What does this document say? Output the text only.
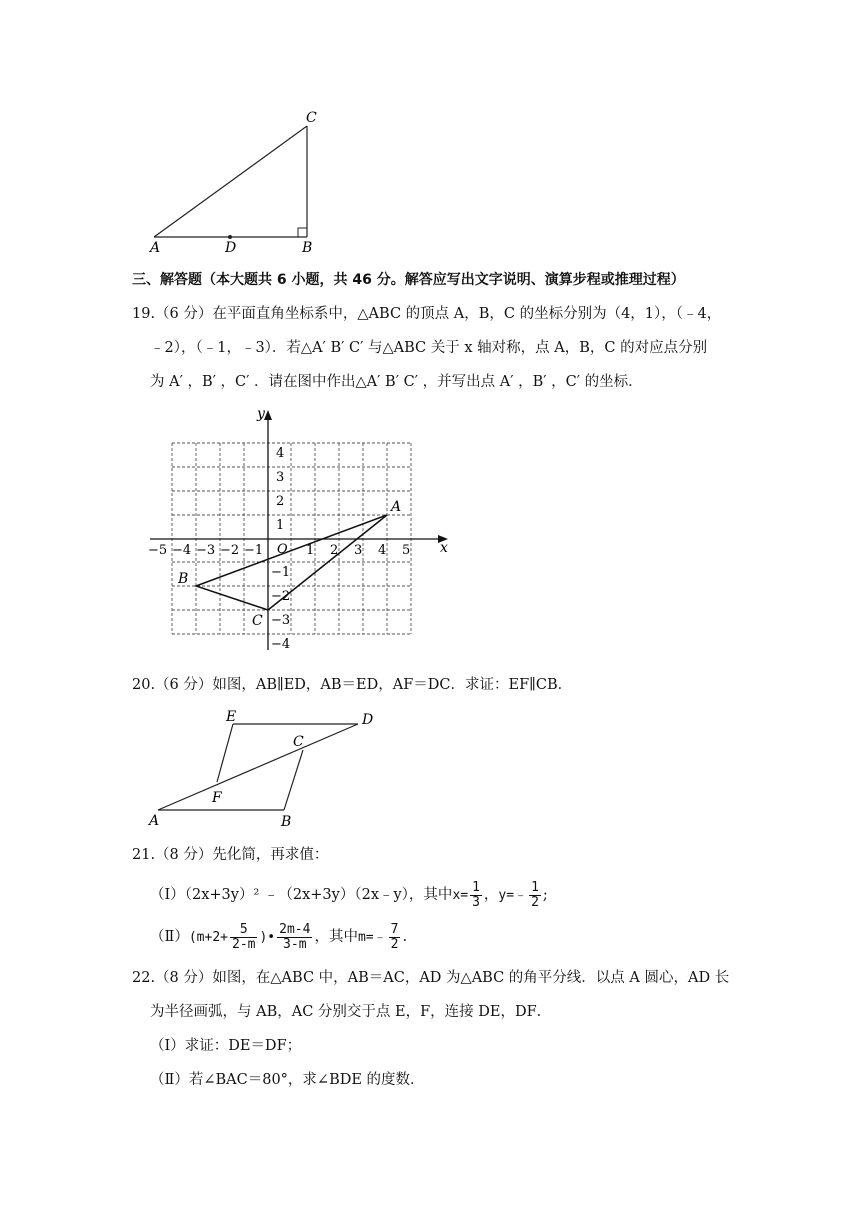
A	D	B
C
三、解答题（本大题共 6 小题，共 46 分。解答应写出文字说明、演算步程或推理过程）
19.（6 分）在平面直角坐标系中，△ABC 的顶点 A，B，C 的坐标分别为（4，1），（﹣4，
﹣2），（﹣1，﹣3）．若△A′ B′ C′ 与△ABC 关于 x 轴对称，点 A，B，C 的对应点分别
为 A′ ，B′ ，C′ ．请在图中作出△A′ B′ C′ ，并写出点 A′ ，B′ ，C′ 的坐标．
x
y
O
−5 −4 −3 −2 −1	1 2 3 4 5
4
3
2
1
−1
−2
−3
−4
A
B
C
20.（6 分）如图，AB∥ED，AB＝ED，AF＝DC．求证：EF∥CB．
E	D
C
F
A	B
21.（8 分）先化简，再求值：
（Ⅰ）（2x+3y）² ﹣（2x+3y）（2x﹣y），其中$x= \frac{1}{3}$ ，y=﹣ $\frac{1}{2}$ ;
（Ⅱ）(m+2+ $\frac{5}{2-m}$ )• $\frac{2m-4}{3-m}$ ，其中m=﹣ $\frac{7}{2}$ .
22.（8 分）如图，在△ABC 中，AB＝AC，AD 为△ABC 的角平分线．以点 A 圆心，AD 长
为半径画弧，与 AB，AC 分别交于点 E，F，连接 DE，DF．
（Ⅰ）求证：DE＝DF；
（Ⅱ）若∠BAC＝80°，求∠BDE 的度数．
